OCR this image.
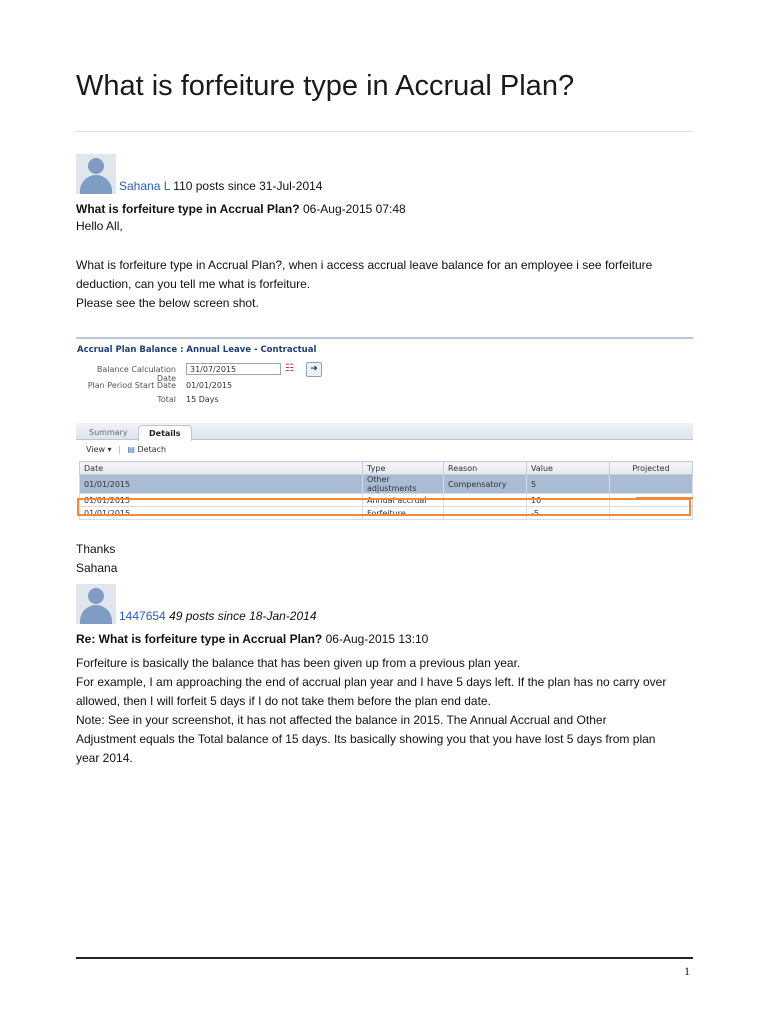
What is forfeiture type in Accrual Plan?
Sahana L 110 posts since 31-Jul-2014
What is forfeiture type in Accrual Plan? 06-Aug-2015 07:48
Hello All,
What is forfeiture type in Accrual Plan?, when i access accrual leave balance for an employee i see forfeiture
deduction, can you tell me what is forfeiture.
Please see the below screen shot.
Accrual Plan Balance : Annual Leave - Contractual
Balance Calculation Date
31/07/2015	☷	➜
Plan Period Start Date 01/01/2015
Total 15 Days
Summary	Details
View ▾ | ▤ Detach
Date	Type	Reason	Value	Projected
01/01/2015	Other adjustments	Compensatory	5	
01/01/2015	Annual accrual		10	
01/01/2015	Forfeiture		-5	
Thanks
Sahana
1447654 49 posts since 18-Jan-2014
Re: What is forfeiture type in Accrual Plan? 06-Aug-2015 13:10

Forfeiture is basically the balance that has been given up from a previous plan year.

For example, I am approaching the end of accrual plan year and I have 5 days left. If the plan has no carry over

allowed, then I will forfeit 5 days if I do not take them before the plan end date.

Note: See in your screenshot, it has not affected the balance in 2015. The Annual Accrual and Other

Adjustment equals the Total balance of 15 days. Its basically showing you that you have lost 5 days from plan

year 2014.

1
